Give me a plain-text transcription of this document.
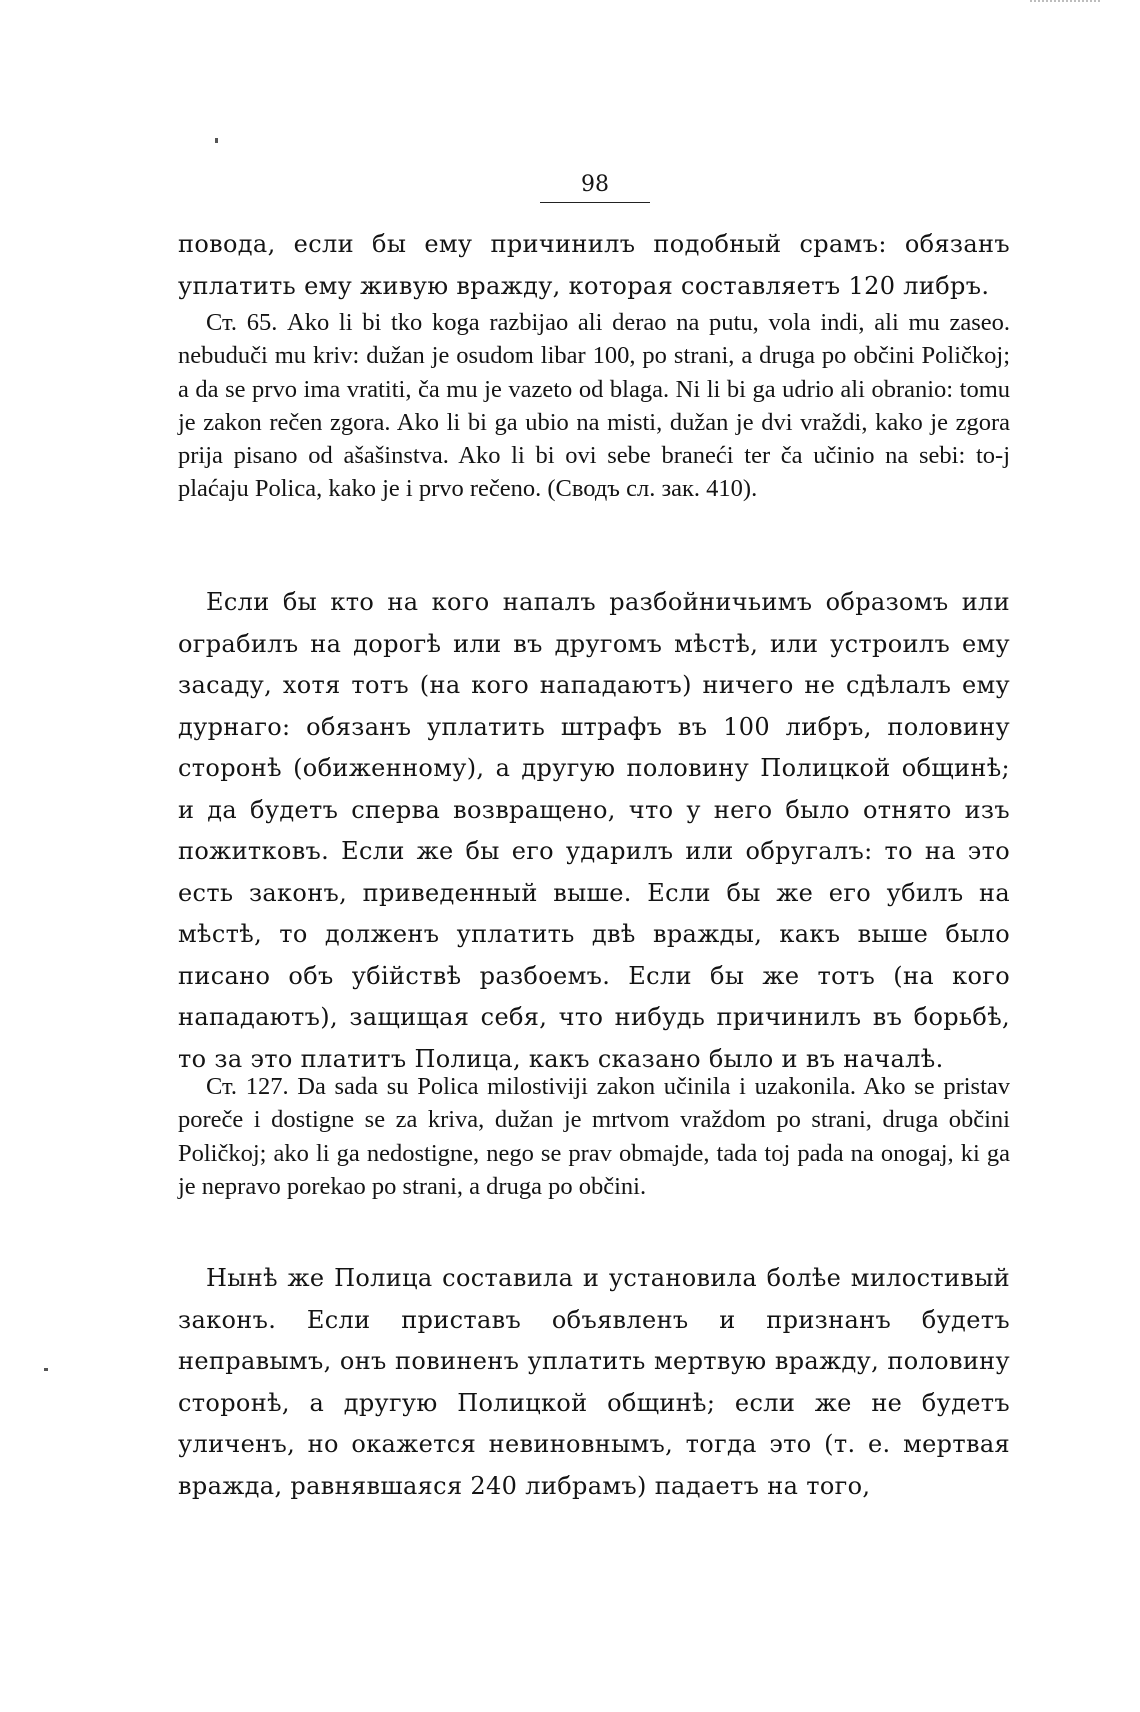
98

повода, если бы ему причинилъ подобный срамъ: обязанъ уплатить ему живую вражду, которая составляетъ 120 либръ.

Ст. 65. Ako li bi tko koga razbijao ali derao na putu, vola indi, ali mu zaseo. nebuduči mu kriv: dužan je osudom libar 100, po strani, a druga po občini Poličkoj; a da se prvo ima vratiti, ča mu je vazeto od blaga. Ni li bi ga udrio ali obranio: tomu je zakon rečen zgora. Ako li bi ga ubio na misti, dužan je dvi vraždi, kako je zgora prija pisano od ašašinstva. Ako li bi ovi sebe braneći ter ča učinio na sebi: to-j plaćaju Polica, kako je i prvo rečeno. (Сводъ сл. зак. 410).

Если бы кто на кого напалъ разбойничьимъ образомъ или ограбилъ на дорогѣ или въ другомъ мѣстѣ, или устроилъ ему засаду, хотя тотъ (на кого нападаютъ) ничего не сдѣлалъ ему дурнаго: обязанъ уплатить штрафъ въ 100 либръ, половину сторонѣ (обиженному), а другую половину Полицкой общинѣ; и да будетъ сперва возвращено, что у него было отнято изъ пожитковъ. Если же бы его ударилъ или обругалъ: то на это есть законъ, приведенный выше. Если бы же его убилъ на мѣстѣ, то долженъ уплатить двѣ вражды, какъ выше было писано объ убійствѣ разбоемъ. Если бы же тотъ (на кого нападаютъ), защищая себя, что нибудь причинилъ въ борьбѣ, то за это платитъ Полица, какъ сказано было и въ началѣ.

Ст. 127. Da sada su Polica milostiviji zakon učinila i uzakonila. Ako se pristav poreče i dostigne se za kriva, dužan je mrtvom vraždom po strani, druga občini Poličkoj; ako li ga nedostigne, nego se prav obmajde, tada toj pada na onogaj, ki ga je nepravo porekao po strani, a druga po občini.

Нынѣ же Полица составила и установила болѣе милостивый законъ. Если приставъ объявленъ и признанъ будетъ неправымъ, онъ повиненъ уплатить мертвую вражду, половину сторонѣ, а другую Полицкой общинѣ; если же не будетъ уличенъ, но окажется невиновнымъ, тогда это (т. е. мертвая вражда, равнявшаяся 240 либрамъ) падаетъ на того,
